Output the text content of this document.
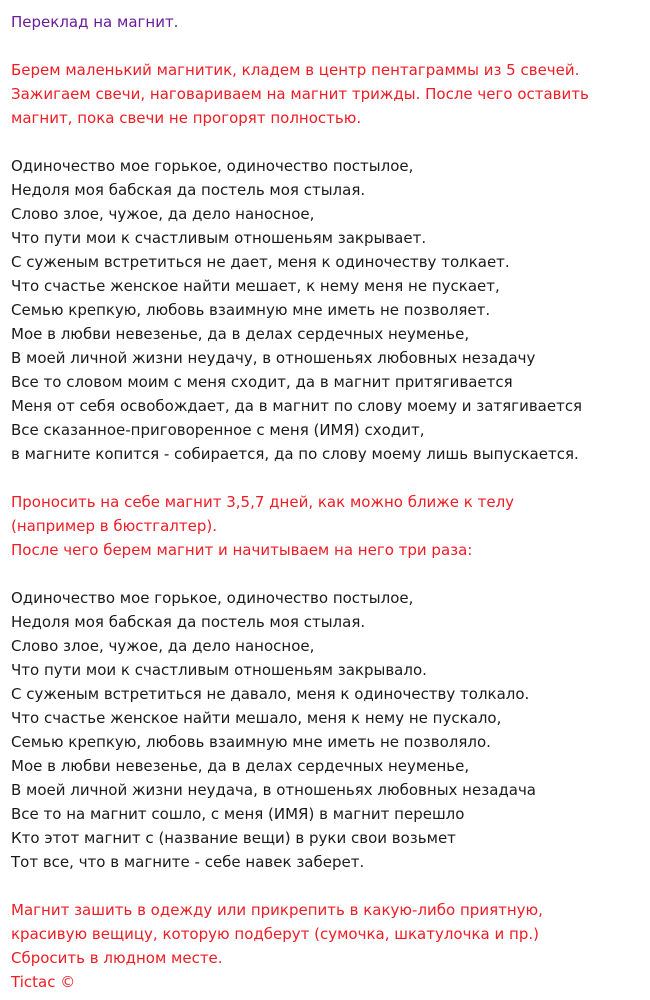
Переклад на магнит.
Берем маленький магнитик, кладем в центр пентаграммы из 5 свечей.
Зажигаем свечи, наговариваем на магнит трижды. После чего оставить
магнит, пока свечи не прогорят полностью.
Одиночество мое горькое, одиночество постылое,
Недоля моя бабская да постель моя стылая.
Слово злое, чужое, да дело наносное,
Что пути мои к счастливым отношеньям закрывает.
С суженым встретиться не дает, меня к одиночеству толкает.
Что счастье женское найти мешает, к нему меня не пускает,
Семью крепкую, любовь взаимную мне иметь не позволяет.
Мое в любви невезенье, да в делах сердечных неуменье,
В моей личной жизни неудачу, в отношеньях любовных незадачу
Все то словом моим с меня сходит, да в магнит притягивается
Меня от себя освобождает, да в магнит по слову моему и затягивается
Все сказанное-приговоренное с меня (ИМЯ) сходит,
в магните копится - собирается, да по слову моему лишь выпускается.
Проносить на себе магнит 3,5,7 дней, как можно ближе к телу
(например в бюстгалтер).
После чего берем магнит и начитываем на него три раза:
Одиночество мое горькое, одиночество постылое,
Недоля моя бабская да постель моя стылая.
Слово злое, чужое, да дело наносное,
Что пути мои к счастливым отношеньям закрывало.
С суженым встретиться не давало, меня к одиночеству толкало.
Что счастье женское найти мешало, меня к нему не пускало,
Семью крепкую, любовь взаимную мне иметь не позволяло.
Мое в любви невезенье, да в делах сердечных неуменье,
В моей личной жизни неудача, в отношеньях любовных незадача
Все то на магнит сошло, с меня (ИМЯ) в магнит перешло
Кто этот магнит с (название вещи) в руки свои возьмет
Тот все, что в магните - себе навек заберет.
Магнит зашить в одежду или прикрепить в какую-либо приятную,
красивую вещицу, которую подберут (сумочка, шкатулочка и пр.)
Сбросить в людном месте.
Tictac ©
